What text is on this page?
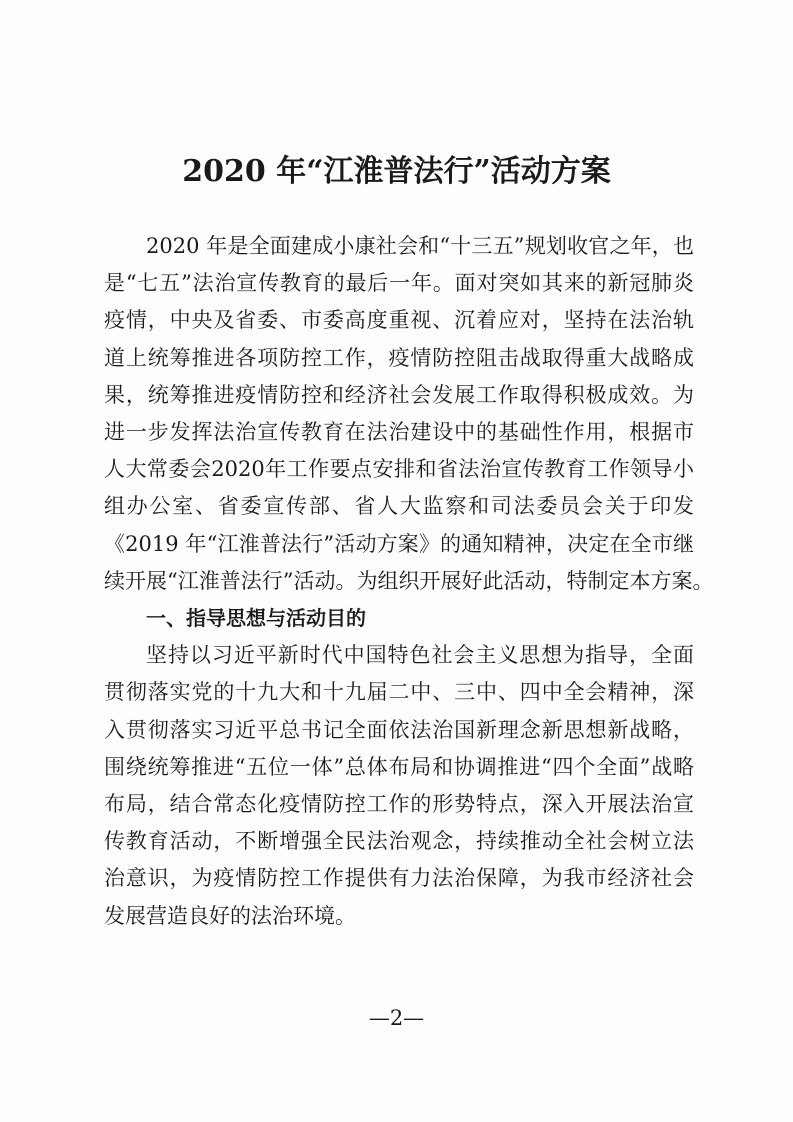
2020 年“江淮普法行”活动方案
2020 年是全面建成小康社会和“十三五”规划收官之年，也
是“七五”法治宣传教育的最后一年。面对突如其来的新冠肺炎
疫情，中央及省委、市委高度重视、沉着应对，坚持在法治轨
道上统筹推进各项防控工作，疫情防控阻击战取得重大战略成
果，统筹推进疫情防控和经济社会发展工作取得积极成效。为
进一步发挥法治宣传教育在法治建设中的基础性作用，根据市
人大常委会2020年工作要点安排和省法治宣传教育工作领导小
组办公室、省委宣传部、省人大监察和司法委员会关于印发
《2019 年“江淮普法行”活动方案》的通知精神，决定在全市继
续开展“江淮普法行”活动。为组织开展好此活动，特制定本方案。
一、指导思想与活动目的
坚持以习近平新时代中国特色社会主义思想为指导，全面
贯彻落实党的十九大和十九届二中、三中、四中全会精神，深
入贯彻落实习近平总书记全面依法治国新理念新思想新战略，
围绕统筹推进“五位一体”总体布局和协调推进“四个全面”战略
布局，结合常态化疫情防控工作的形势特点，深入开展法治宣
传教育活动，不断增强全民法治观念，持续推动全社会树立法
治意识，为疫情防控工作提供有力法治保障，为我市经济社会
发展营造良好的法治环境。
—2—
